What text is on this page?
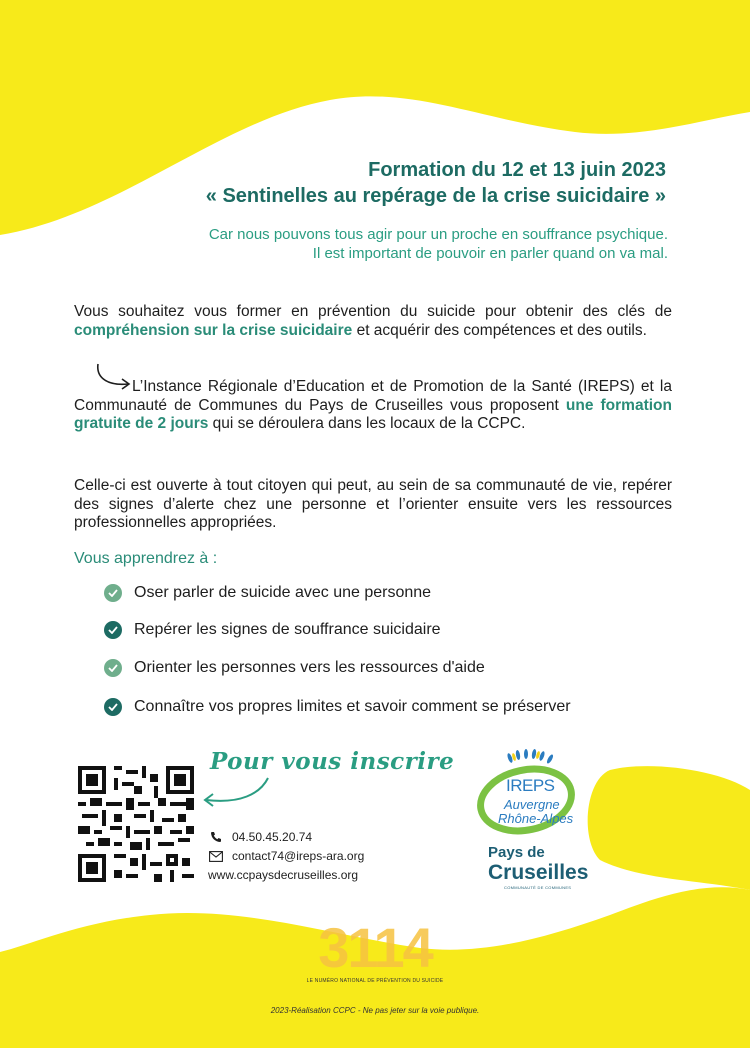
Formation du 12 et 13 juin 2023
« Sentinelles au repérage de la crise suicidaire »
Car nous pouvons tous agir pour un proche en souffrance psychique.
Il est important de pouvoir en parler quand on va mal.
Vous souhaitez vous former en prévention du suicide pour obtenir des clés de compréhension sur la crise suicidaire et acquérir des compétences et des outils.
L’Instance Régionale d’Education et de Promotion de la Santé (IREPS) et la Communauté de Communes du Pays de Cruseilles vous proposent une formation gratuite de 2 jours qui se déroulera dans les locaux de la CCPC.
Celle-ci est ouverte à tout citoyen qui peut, au sein de sa communauté de vie, repérer des signes d’alerte chez une personne et l’orienter ensuite vers les ressources professionnelles appropriées.
Vous apprendrez à :
Oser parler de suicide avec une personne
Repérer les signes de souffrance suicidaire
Orienter les personnes vers les ressources d'aide
Connaître vos propres limites et savoir comment se préserver
Pour vous inscrire
04.50.45.20.74
contact74@ireps-ara.org
www.ccpaysdecruseilles.org
IREPS
Auvergne
Rhône-Alpes
Pays de
Cruseilles
COMMUNAUTÉ DE COMMUNES
3114
LE NUMÉRO NATIONAL DE PRÉVENTION DU SUICIDE
2023-Réalisation CCPC - Ne pas jeter sur la voie publique.
